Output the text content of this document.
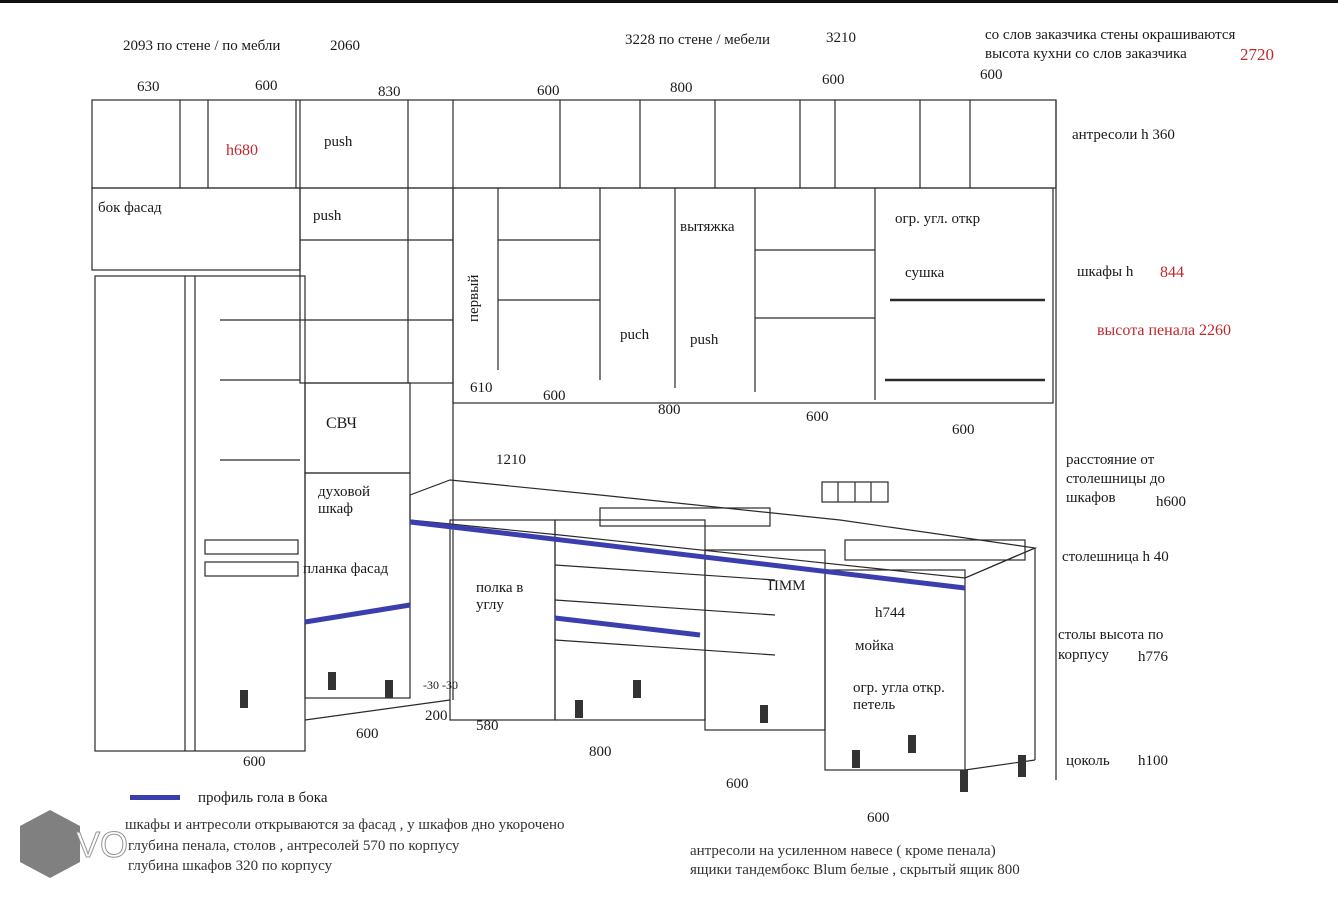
2093 по стене / по мебли	2060	3228 по стене / мебели	3210	со слов заказчика стены окрашиваются
высота кухни со слов заказчика	2720
630	600	830	600	800	600	600
h680
бок фасад
push
push
первый
puch	push
вытяжка	огр. угл. откр
сушка
610	600
800	600
600
СВЧ
духовой шкаф
планка фасад
полка в углу
ПММ
h744
мойка
огр. угла откр. петель
-30 -30
1210
600
600
200
580
800
600
600
антресоли h 360
шкафы h 844
высота пенала 2260
расстояние от
столешницы до
шкафов	h600
столешница h 40
столы высота по
корпусу h776
цоколь h100
профиль гола в бока
шкафы и антресоли открываются за фасад , у шкафов дно укорочено
глубина пенала, столов , антресолей 570 по корпусу
глубина шкафов 320 по корпусу
антресоли на усиленном навесе ( кроме пенала)
ящики тандембокс Blum белые , скрытый ящик 800
VO
